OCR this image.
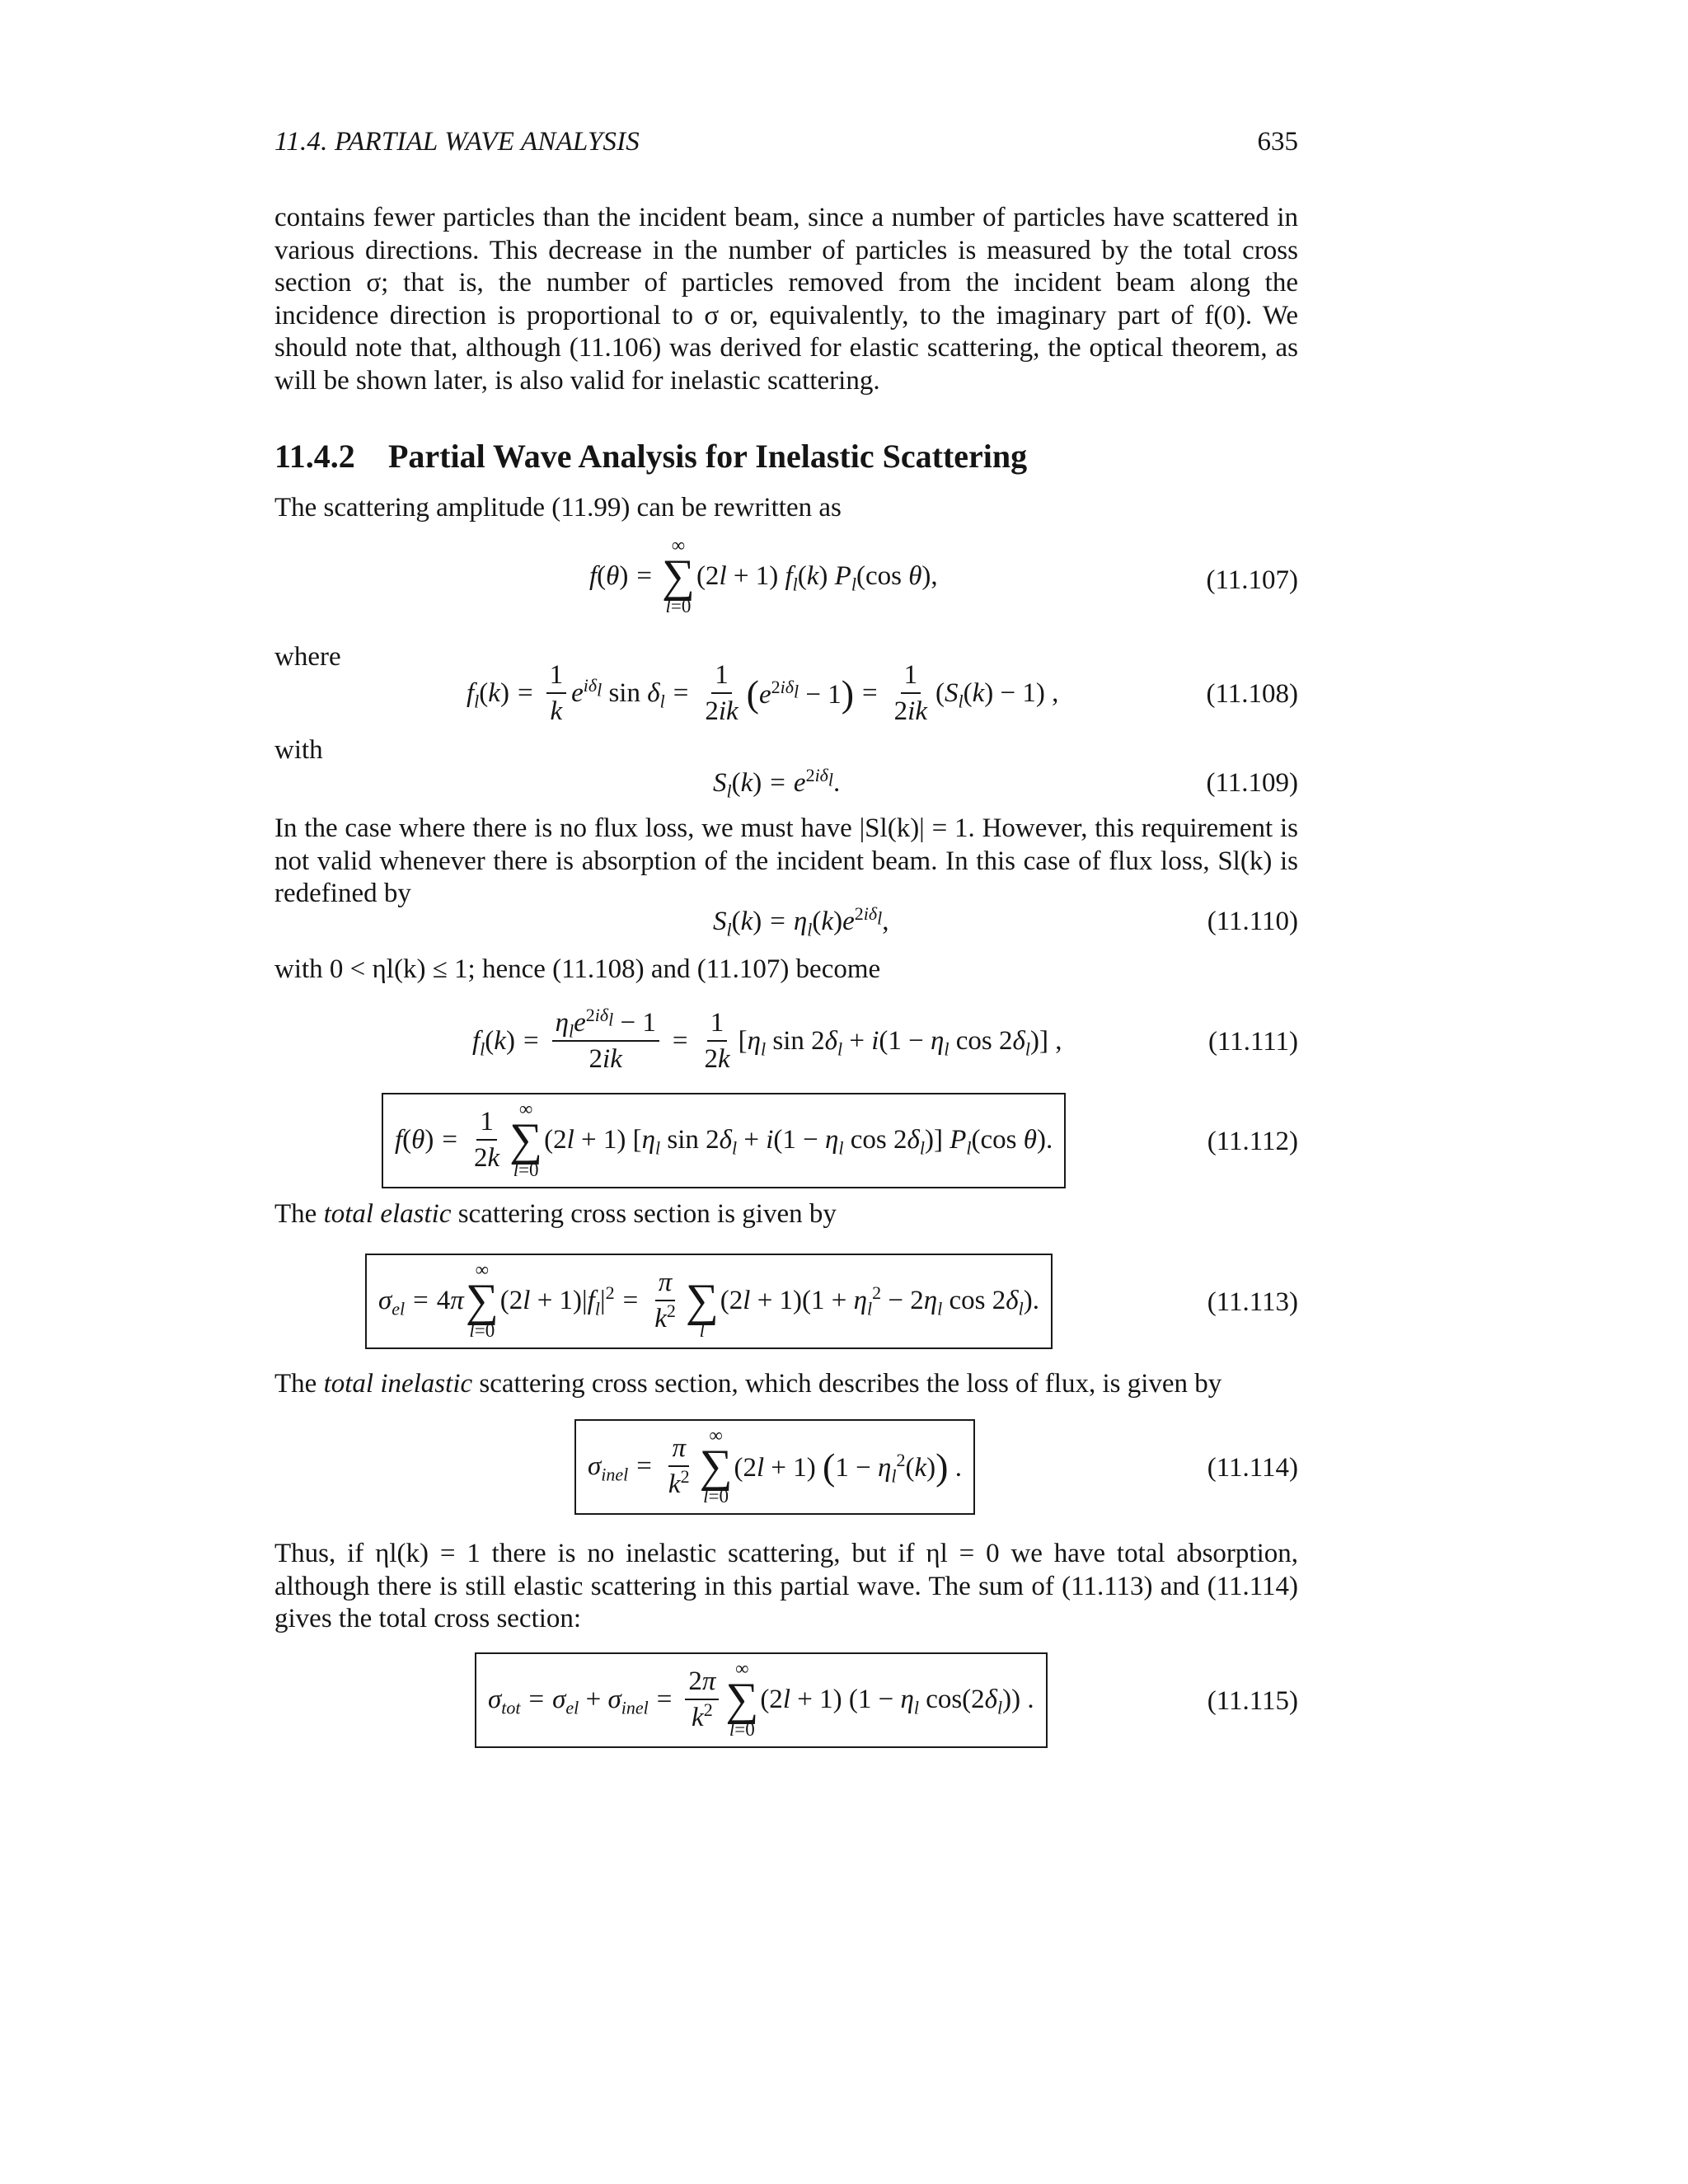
11.4. PARTIAL WAVE ANALYSIS	635

contains fewer particles than the incident beam, since a number of particles have scattered in various directions. This decrease in the number of particles is measured by the total cross section σ; that is, the number of particles removed from the incident beam along the incidence direction is proportional to σ or, equivalently, to the imaginary part of f(0). We should note that, although (11.106) was derived for elastic scattering, the optical theorem, as will be shown later, is also valid for inelastic scattering.

11.4.2 Partial Wave Analysis for Inelastic Scattering

The scattering amplitude (11.99) can be rewritten as

f(θ) =
∞
∑
l=0
(2l + 1) $f_l(k)$ $P_l(\cos$ θ),	(11.107)
where
$f_l(k) = \frac{1}{k} e^{i\delta_l}$ $\sin \delta_l = \frac{1}{2ik} (e^{2i\delta_l} - 1) = \frac{1}{2ik} (S_l(k) - 1)$ ,	(11.108)
with
$S_l(k) = e^{2i\delta_l}$.	(11.109)

In the case where there is no flux loss, we must have |Sl(k)| = 1. However, this requirement is not valid whenever there is absorption of the incident beam. In this case of flux loss, Sl(k) is redefined by

$S_l(k) = \eta_l(k)e^{2i\delta_l}$,	(11.110)

with 0 < ηl(k) ≤ 1; hence (11.108) and (11.107) become

$f_l(k) = \frac{\eta_le^{2i\delta_l} - 1}{2ik} = \frac{1}{2k} [\eta_l$ $\sin 2\delta_l + i(1 - \eta_l$ $\cos 2\delta_l$)] ,	(11.111)
$f(\theta) = \frac{1}{2k}$ ∞
∑
l=0
(2l + 1) [$\eta_l$ $\sin 2\delta_l + i(1 - \eta_l$ $\cos 2\delta_l$)] $P_l(\cos$ θ).	(11.112)

The total elastic scattering cross section is given by

$\sigma_{el} = 4\pi$
∞
∑
l=0
$(2l + 1)|f_l|^2 = \frac{\pi}{k^2}$
∑
l
$(2l + 1)(1 + \eta_l^2 - 2\eta_l$ $\cos 2\delta_l$).	(11.113)

The total inelastic scattering cross section, which describes the loss of flux, is given by

$\sigma_{inel} = \frac{\pi}{k^2}$ ∞
∑
l=0
(2l + 1) $(1 - \eta_l^2(k))$ .	(11.114)

Thus, if ηl(k) = 1 there is no inelastic scattering, but if ηl = 0 we have total absorption, although there is still elastic scattering in this partial wave. The sum of (11.113) and (11.114) gives the total cross section:

$\sigma_{tot} = \sigma_{el} + \sigma_{inel} = \frac{2\pi}{k^2}$ ∞
∑
l=0
(2l + 1) ($1 - \eta_l$ $\cos(2\delta_l)$) .	(11.115)
